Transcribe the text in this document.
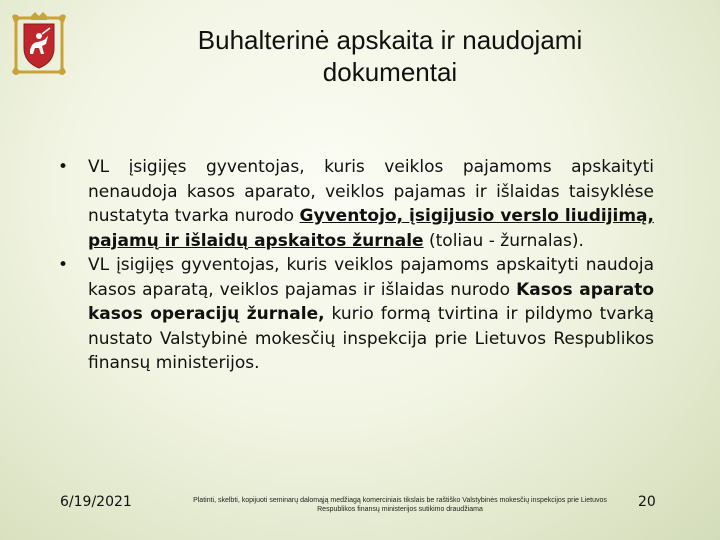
Buhalterinė apskaita ir naudojami
dokumentai

• VL įsigijęs gyventojas, kuris veiklos pajamoms apskaityti nenaudoja kasos aparato, veiklos pajamas ir išlaidas taisyklėse nustatyta tvarka nurodo Gyventojo, įsigijusio verslo liudijimą, pajamų ir išlaidų apskaitos žurnale (toliau - žurnalas).

• VL įsigijęs gyventojas, kuris veiklos pajamoms apskaityti naudoja kasos aparatą, veiklos pajamas ir išlaidas nurodo Kasos aparato kasos operacijų žurnale, kurio formą tvirtina ir pildymo tvarką nustato Valstybinė mokesčių inspekcija prie Lietuvos Respublikos finansų ministerijos.

6/19/2021	Platinti, skelbti, kopijuoti seminarų dalomąją medžiagą komerciniais tikslais be raštiško Valstybinės mokesčių inspekcijos prie Lietuvos Respublikos finansų ministerijos sutikimo draudžiama	20
